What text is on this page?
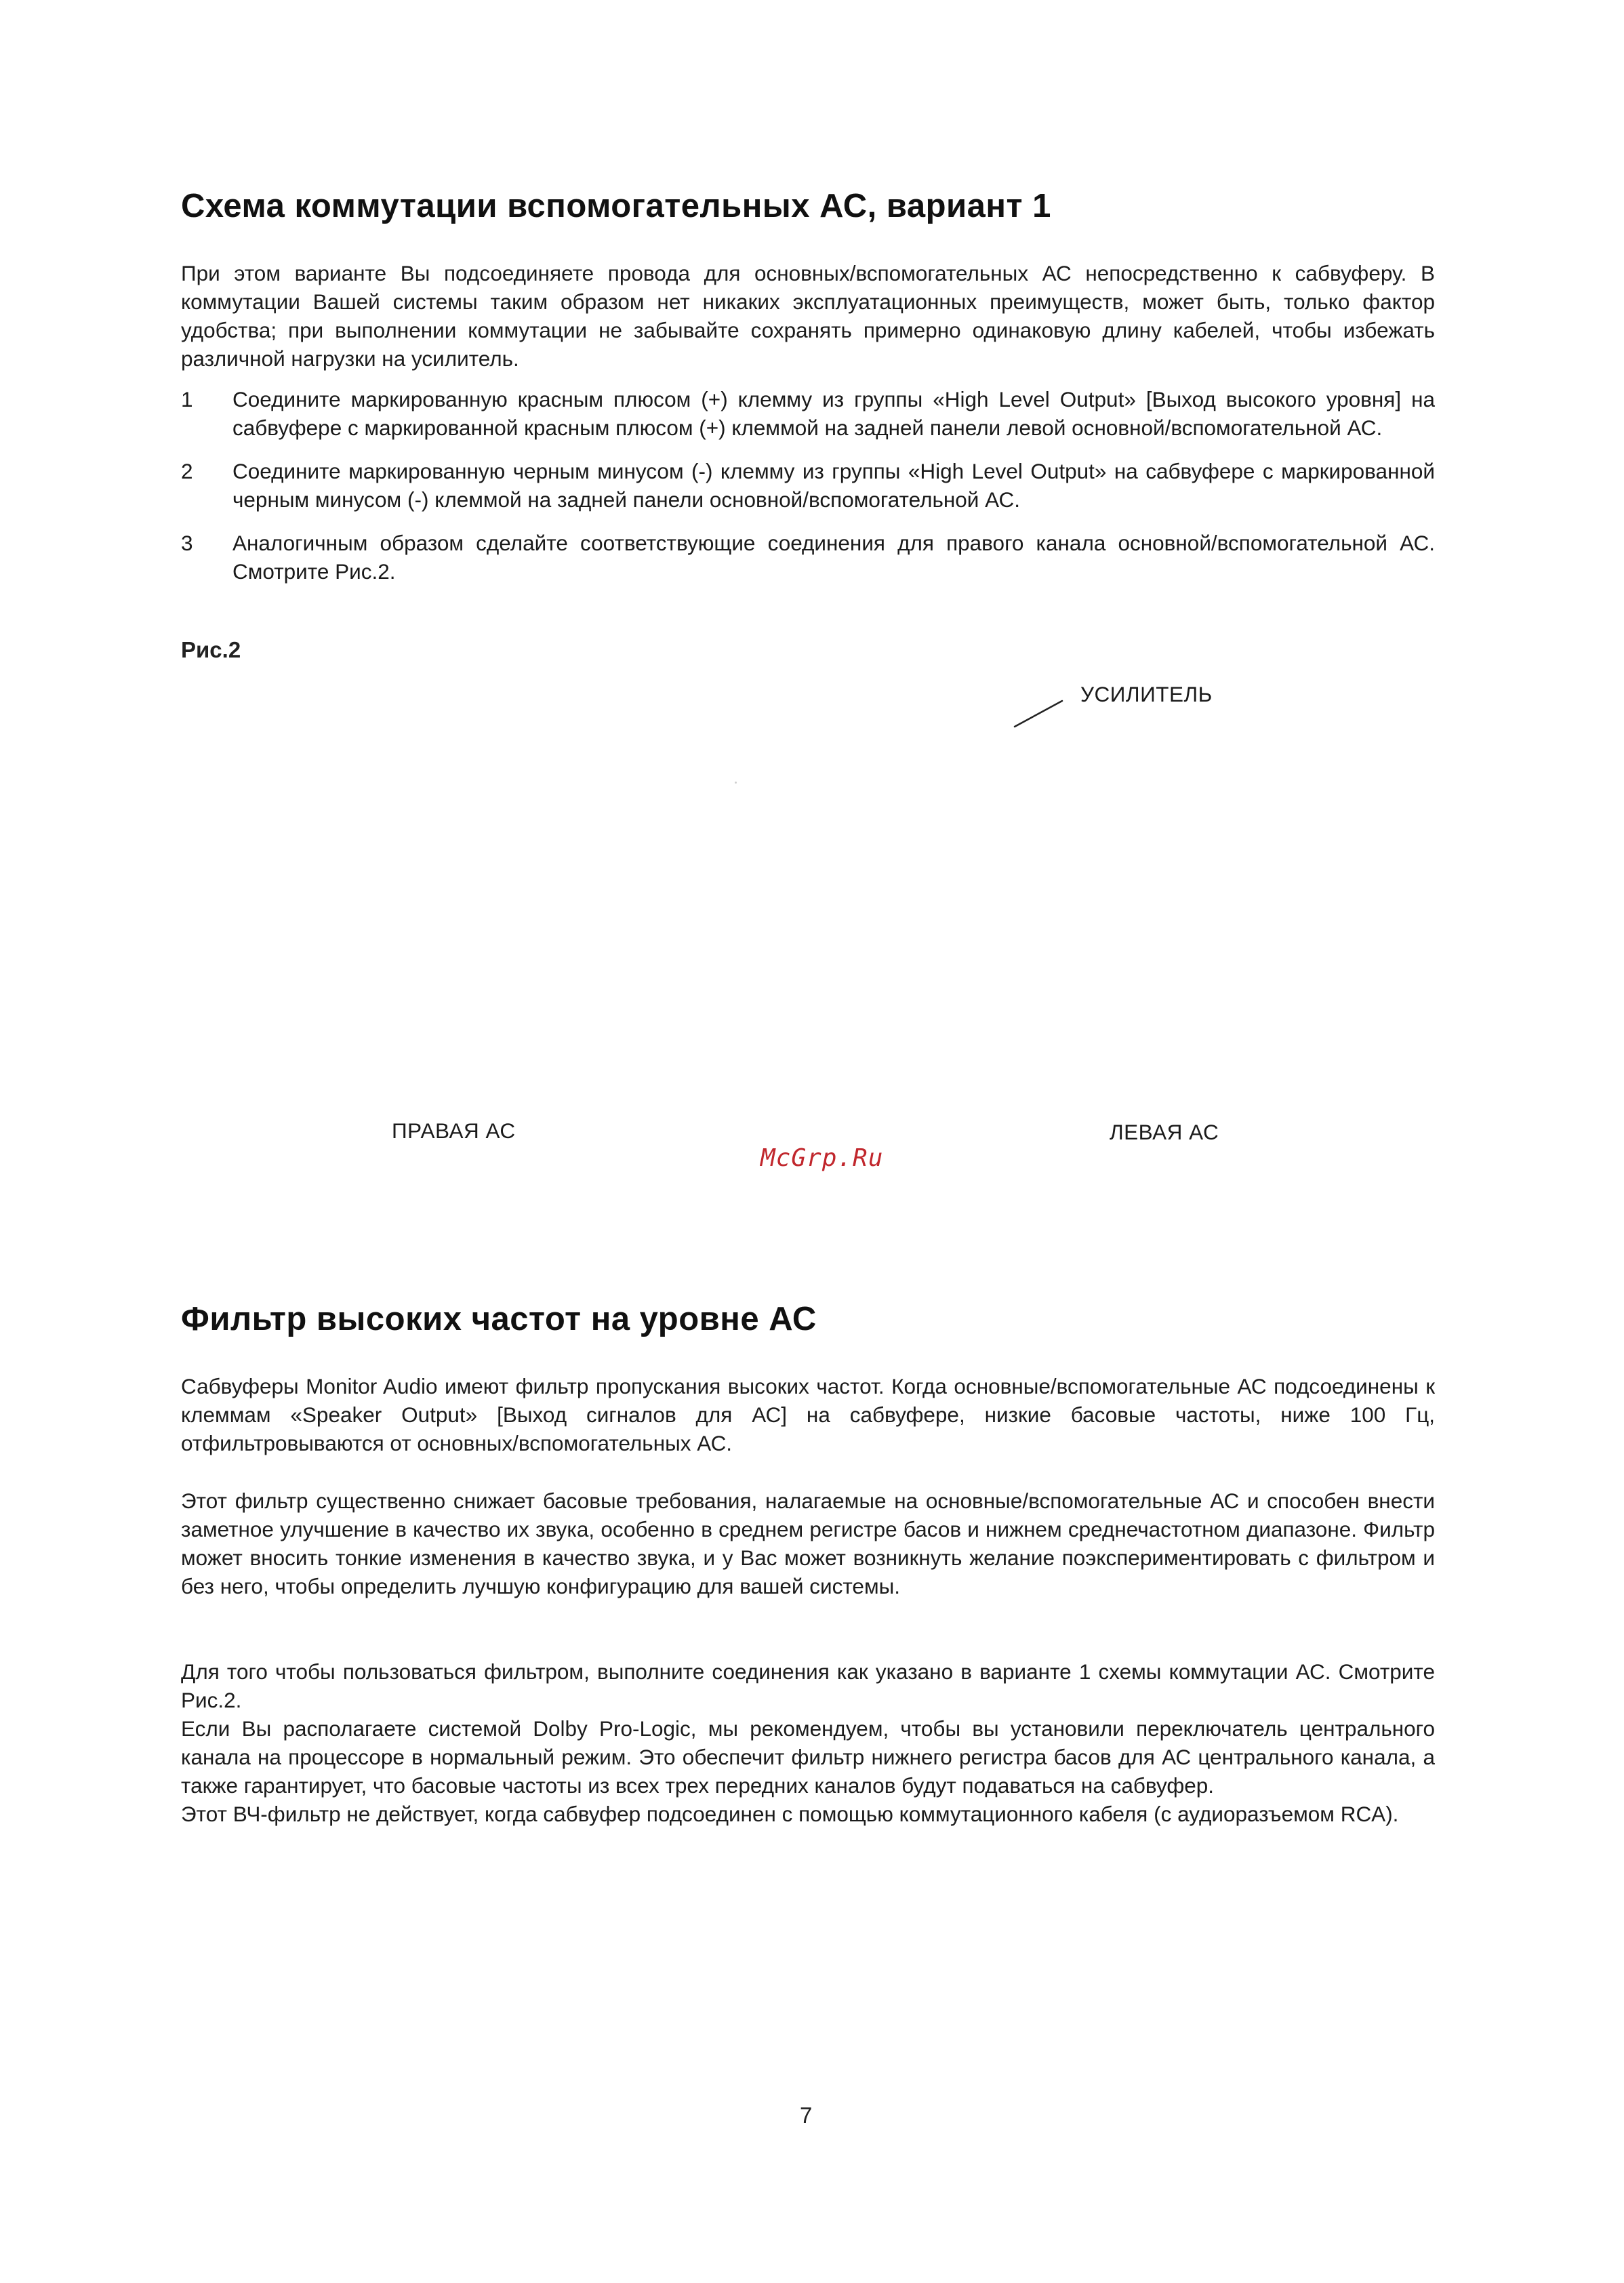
Схема коммутации вспомогательных АС, вариант 1

При этом варианте Вы подсоединяете провода для основных/вспомогательных АС непосредственно к сабвуферу. В коммутации Вашей системы таким образом нет никаких эксплуатационных преимуществ, может быть, только фактор удобства; при выполнении коммутации не забывайте сохранять примерно одинаковую длину кабелей, чтобы избежать различной нагрузки на усилитель.

1	Соедините маркированную красным плюсом (+) клемму из группы «High Level Output» [Выход высокого уровня] на сабвуфере с маркированной красным плюсом (+) клеммой на задней панели левой основной/вспомогательной АС.
2	Соедините маркированную черным минусом (-) клемму из группы «High Level Output» на сабвуфере с маркированной черным минусом (-) клеммой на задней панели основной/вспомогательной АС.
3	Аналогичным образом сделайте соответствующие соединения для правого канала основной/вспомогательной АС. Смотрите Рис.2.
Рис.2
УСИЛИТЕЛЬ
ПРАВАЯ АС	ЛЕВАЯ АС
McGrp.Ru
Фильтр высоких частот на уровне АС

Сабвуферы Monitor Audio имеют фильтр пропускания высоких частот. Когда основные/вспомогательные АС подсоединены к клеммам «Speaker Output» [Выход сигналов для АС] на сабвуфере, низкие басовые частоты, ниже 100 Гц, отфильтровываются от основных/вспомогательных АС.

Этот фильтр существенно снижает басовые требования, налагаемые на основные/вспомогательные АС и способен внести заметное улучшение в качество их звука, особенно в среднем регистре басов и нижнем среднечастотном диапазоне. Фильтр может вносить тонкие изменения в качество звука, и у Вас может возникнуть желание поэкспериментировать с фильтром и без него, чтобы определить лучшую конфигурацию для вашей системы.

Для того чтобы пользоваться фильтром, выполните соединения как указано в варианте 1 схемы коммутации АС. Смотрите Рис.2.
Если Вы располагаете системой Dolby Pro-Logic, мы рекомендуем, чтобы вы установили переключатель центрального канала на процессоре в нормальный режим. Это обеспечит фильтр нижнего регистра басов для АС центрального канала, а также гарантирует, что басовые частоты из всех трех передних каналов будут подаваться на сабвуфер.
Этот ВЧ-фильтр не действует, когда сабвуфер подсоединен с помощью коммутационного кабеля (с аудиоразъемом RCA).
7
